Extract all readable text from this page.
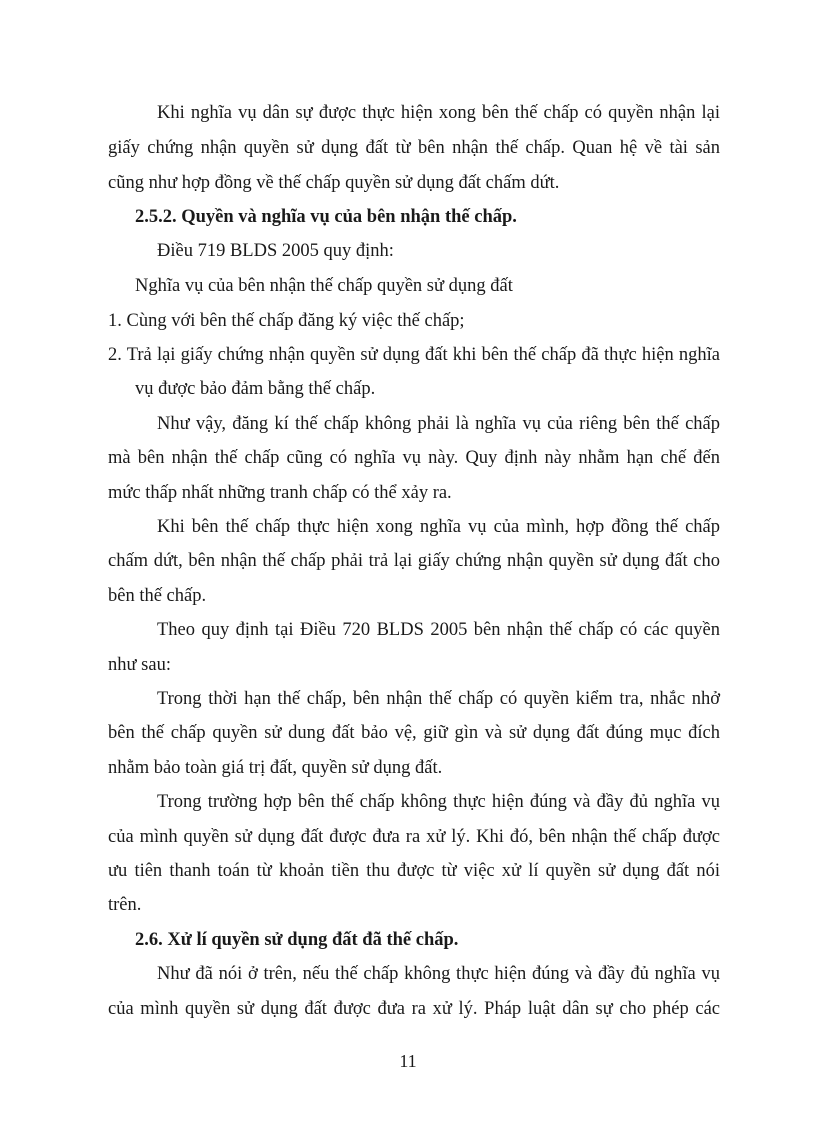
Khi nghĩa vụ dân sự được thực hiện xong bên thế chấp có quyền nhận lại
giấy chứng nhận quyền sử dụng đất từ bên nhận thế chấp. Quan hệ về tài sản
cũng như hợp đồng về thế chấp quyền sử dụng đất chấm dứt.
2.5.2. Quyền và nghĩa vụ của bên nhận thế chấp.
Điều 719 BLDS 2005 quy định:
Nghĩa vụ của bên nhận thế chấp quyền sử dụng đất
1. Cùng với bên thế chấp đăng ký việc thế chấp;
2. Trả lại giấy chứng nhận quyền sử dụng đất khi bên thế chấp đã thực hiện nghĩa
vụ được bảo đảm bằng thế chấp.
Như vậy, đăng kí thế chấp không phải là nghĩa vụ của riêng bên thế chấp
mà bên nhận thế chấp cũng có nghĩa vụ này. Quy định này nhằm hạn chế đến
mức thấp nhất những tranh chấp có thể xảy ra.
Khi bên thế chấp thực hiện xong nghĩa vụ của mình, hợp đồng thế chấp
chấm dứt, bên nhận thế chấp phải trả lại giấy chứng nhận quyền sử dụng đất cho
bên thế chấp.
Theo quy định tại Điều 720 BLDS 2005 bên nhận thế chấp có các quyền
như sau:
Trong thời hạn thế chấp, bên nhận thế chấp có quyền kiểm tra, nhắc nhở
bên thế chấp quyền sử dung đất bảo vệ, giữ gìn và sử dụng đất đúng mục đích
nhằm bảo toàn giá trị đất, quyền sử dụng đất.
Trong trường hợp bên thế chấp không thực hiện đúng và đầy đủ nghĩa vụ
của mình quyền sử dụng đất được đưa ra xử lý. Khi đó, bên nhận thế chấp được
ưu tiên thanh toán từ khoản tiền thu được từ việc xử lí quyền sử dụng đất nói
trên.
2.6. Xử lí quyền sử dụng đất đã thế chấp.
Như đã nói ở trên, nếu thế chấp không thực hiện đúng và đầy đủ nghĩa vụ
của mình quyền sử dụng đất được đưa ra xử lý. Pháp luật dân sự cho phép các
11
